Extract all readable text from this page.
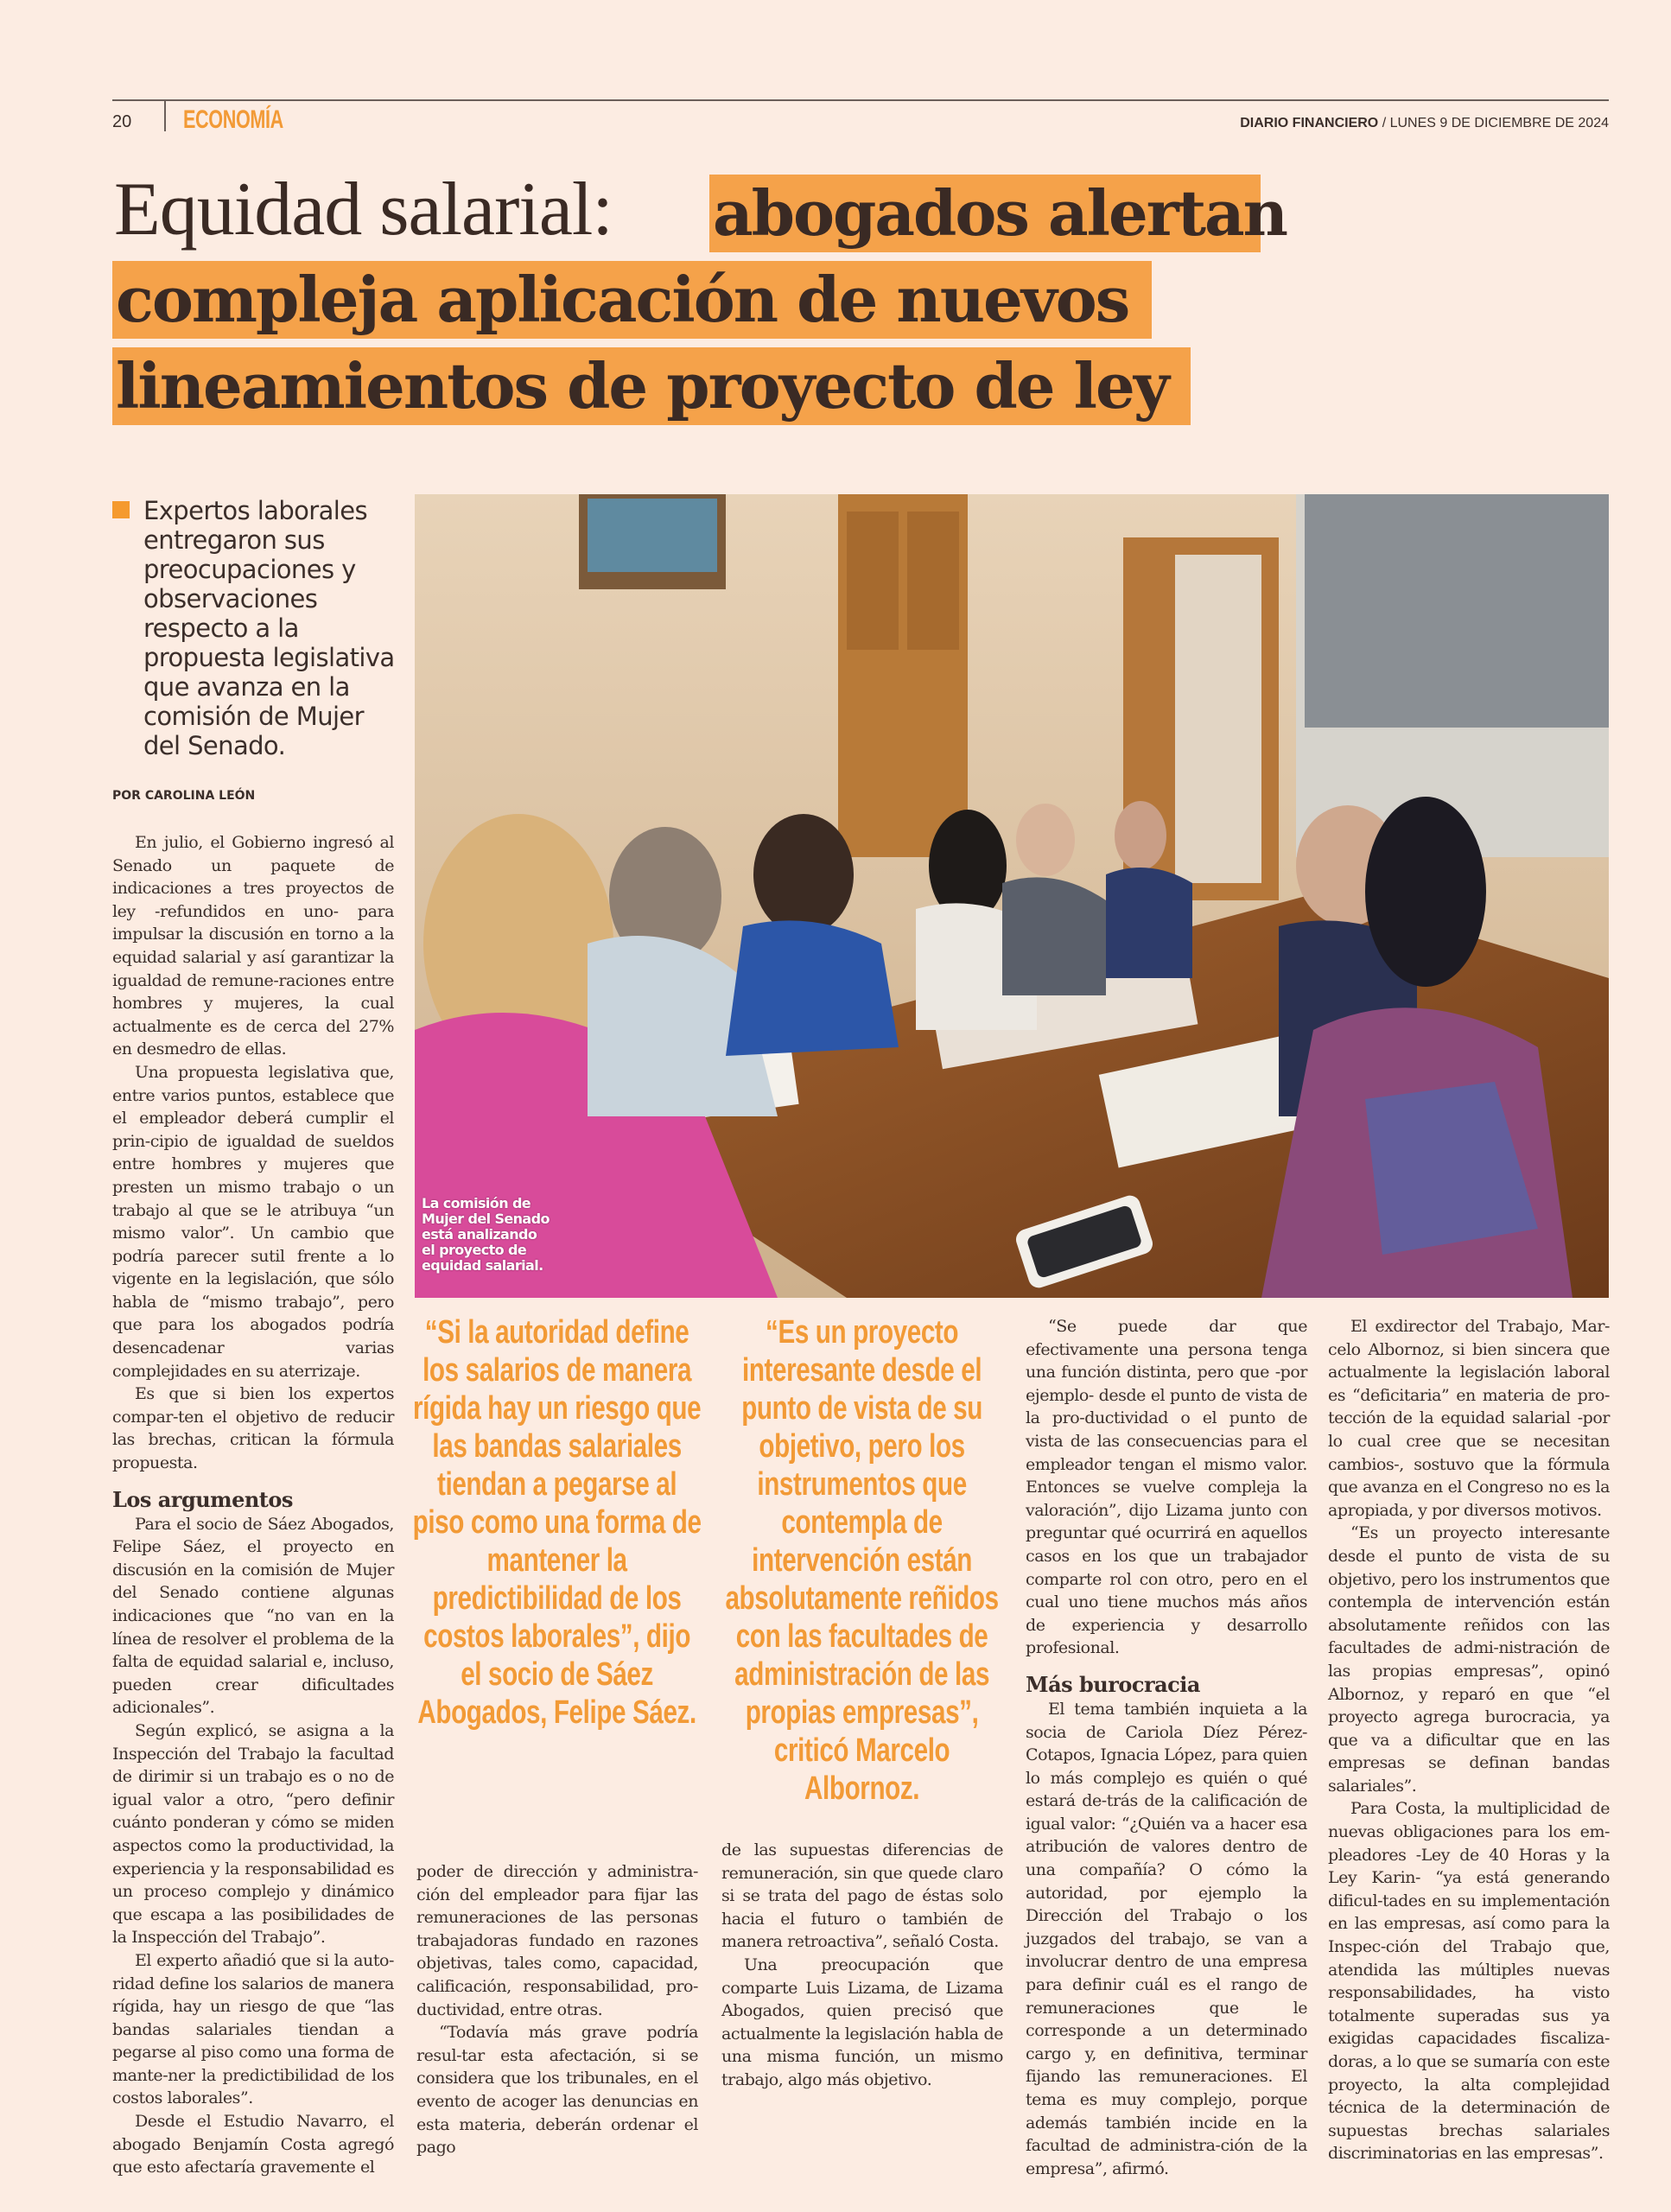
20 ECONOMÍA	DIARIO FINANCIERO / LUNES 9 DE DICIEMBRE DE 2024
Equidad salarial: abogados alertan
compleja aplicación de nuevos
lineamientos de proyecto de ley
Expertos laborales entregaron sus preocupaciones y observaciones respecto a la propuesta legislativa que avanza en la comisión de Mujer del Senado.
POR CAROLINA LEÓN
La comisión de Mujer del Senado está analizando el proyecto de equidad salarial.

En julio, el Gobierno ingresó al Senado un paquete de indicaciones a tres proyectos de ley -refundidos en uno- para impulsar la discusión en torno a la equidad salarial y así garantizar la igualdad de remune-raciones entre hombres y mujeres, la cual actualmente es de cerca del 27% en desmedro de ellas.

Una propuesta legislativa que, entre varios puntos, establece que el empleador deberá cumplir el prin-cipio de igualdad de sueldos entre hombres y mujeres que presten un mismo trabajo o un trabajo al que se le atribuya “un mismo valor”. Un cambio que podría parecer sutil frente a lo vigente en la legislación, que sólo habla de “mismo trabajo”, pero que para los abogados podría desencadenar varias complejidades en su aterrizaje.

Es que si bien los expertos compar-ten el objetivo de reducir las brechas, critican la fórmula propuesta.

Los argumentos

Para el socio de Sáez Abogados, Felipe Sáez, el proyecto en discusión en la comisión de Mujer del Senado contiene algunas indicaciones que “no van en la línea de resolver el problema de la falta de equidad salarial e, incluso, pueden crear dificultades adicionales”.

Según explicó, se asigna a la Inspección del Trabajo la facultad de dirimir si un trabajo es o no de igual valor a otro, “pero definir cuánto ponderan y cómo se miden aspectos como la productividad, la experiencia y la responsabilidad es un proceso complejo y dinámico que escapa a las posibilidades de la Inspección del Trabajo”.

El experto añadió que si la auto-ridad define los salarios de manera rígida, hay un riesgo de que “las bandas salariales tiendan a pegarse al piso como una forma de mante-ner la predictibilidad de los costos laborales”.

Desde el Estudio Navarro, el abogado Benjamín Costa agregó que esto afectaría gravemente el

“Si la autoridad define los salarios de manera rígida hay un riesgo que las bandas salariales tiendan a pegarse al piso como una forma de mantener la predictibilidad de los costos laborales”, dijo el socio de Sáez Abogados, Felipe Sáez.

poder de dirección y administra-ción del empleador para fijar las remuneraciones de las personas trabajadoras fundado en razones objetivas, tales como, capacidad, calificación, responsabilidad, pro-ductividad, entre otras.

“Todavía más grave podría resul-tar esta afectación, si se considera que los tribunales, en el evento de acoger las denuncias en esta materia, deberán ordenar el pago

“Es un proyecto interesante desde el punto de vista de su objetivo, pero los instrumentos que contempla de intervención están absolutamente reñidos con las facultades de administración de las propias empresas”, criticó Marcelo Albornoz.

de las supuestas diferencias de remuneración, sin que quede claro si se trata del pago de éstas solo hacia el futuro o también de manera retroactiva”, señaló Costa.

Una preocupación que comparte Luis Lizama, de Lizama Abogados, quien precisó que actualmente la legislación habla de una misma función, un mismo trabajo, algo más objetivo.

“Se puede dar que efectivamente una persona tenga una función distinta, pero que -por ejemplo- desde el punto de vista de la pro-ductividad o el punto de vista de las consecuencias para el empleador tengan el mismo valor. Entonces se vuelve compleja la valoración”, dijo Lizama junto con preguntar qué ocurrirá en aquellos casos en los que un trabajador comparte rol con otro, pero en el cual uno tiene muchos más años de experiencia y desarrollo profesional.

Más burocracia

El tema también inquieta a la socia de Cariola Díez Pérez-Cotapos, Ignacia López, para quien lo más complejo es quién o qué estará de-trás de la calificación de igual valor: “¿Quién va a hacer esa atribución de valores dentro de una compañía? O cómo la autoridad, por ejemplo la Dirección del Trabajo o los juzgados del trabajo, se van a involucrar dentro de una empresa para definir cuál es el rango de remuneraciones que le corresponde a un determinado cargo y, en definitiva, terminar fijando las remuneraciones. El tema es muy complejo, porque además también incide en la facultad de administra-ción de la empresa”, afirmó.

El exdirector del Trabajo, Mar-celo Albornoz, si bien sincera que actualmente la legislación laboral es “deficitaria” en materia de pro-tección de la equidad salarial -por lo cual cree que se necesitan cambios-, sostuvo que la fórmula que avanza en el Congreso no es la apropiada, y por diversos motivos.

“Es un proyecto interesante desde el punto de vista de su objetivo, pero los instrumentos que contempla de intervención están absolutamente reñidos con las facultades de admi-nistración de las propias empresas”, opinó Albornoz, y reparó en que “el proyecto agrega burocracia, ya que va a dificultar que en las empresas se definan bandas salariales”.

Para Costa, la multiplicidad de nuevas obligaciones para los em-pleadores -Ley de 40 Horas y la Ley Karin- “ya está generando dificul-tades en su implementación en las empresas, así como para la Inspec-ción del Trabajo que, atendida las múltiples nuevas responsabilidades, ha visto totalmente superadas sus ya exigidas capacidades fiscaliza-doras, a lo que se sumaría con este proyecto, la alta complejidad técnica de la determinación de supuestas brechas salariales discriminatorias en las empresas”.
